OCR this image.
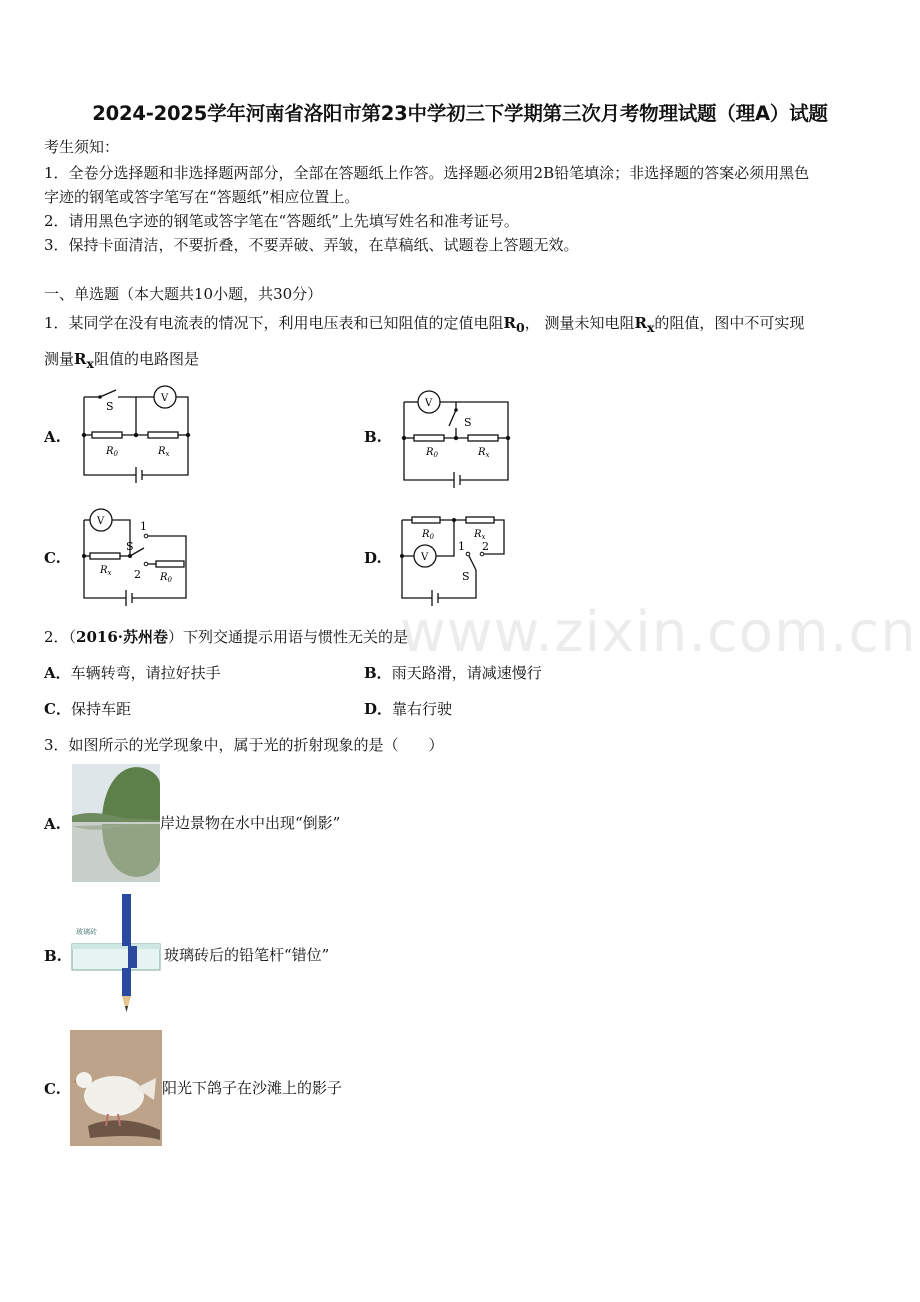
2024-2025学年河南省洛阳市第23中学初三下学期第三次月考物理试题（理A）试题
考生须知：
1．全卷分选择题和非选择题两部分，全部在答题纸上作答。选择题必须用2B铅笔填涂；非选择题的答案必须用黑色
字迹的钢笔或答字笔写在“答题纸”相应位置上。
2．请用黑色字迹的钢笔或答字笔在“答题纸”上先填写姓名和准考证号。
3．保持卡面清洁，不要折叠，不要弄破、弄皱，在草稿纸、试题卷上答题无效。
一、单选题（本大题共10小题，共30分）
1．某同学在没有电流表的情况下，利用电压表和已知阻值的定值电阻$R_0$， 测量未知电阻$R_x$的阻值，图中不可实现
测量$R_x$阻值的电路图是
A.	B.
C.	D.
S
V
$R_0$	$R_x$
S
V
$R_0$	$R_x$
V	1
S
2
$R_x$	$R_0$
V
1 2
S
$R_0$	$R_x$
www.zixin.com.cn
2．（2016·苏州卷）下列交通提示用语与惯性无关的是
A．车辆转弯，请拉好扶手	B．雨天路滑，请减速慢行
C．保持车距	D．靠右行驶
3．如图所示的光学现象中，属于光的折射现象的是（　　）
A.	岸边景物在水中出现“倒影”
B.
玻璃砖
玻璃砖后的铅笔杆“错位”
C.	阳光下鸽子在沙滩上的影子
